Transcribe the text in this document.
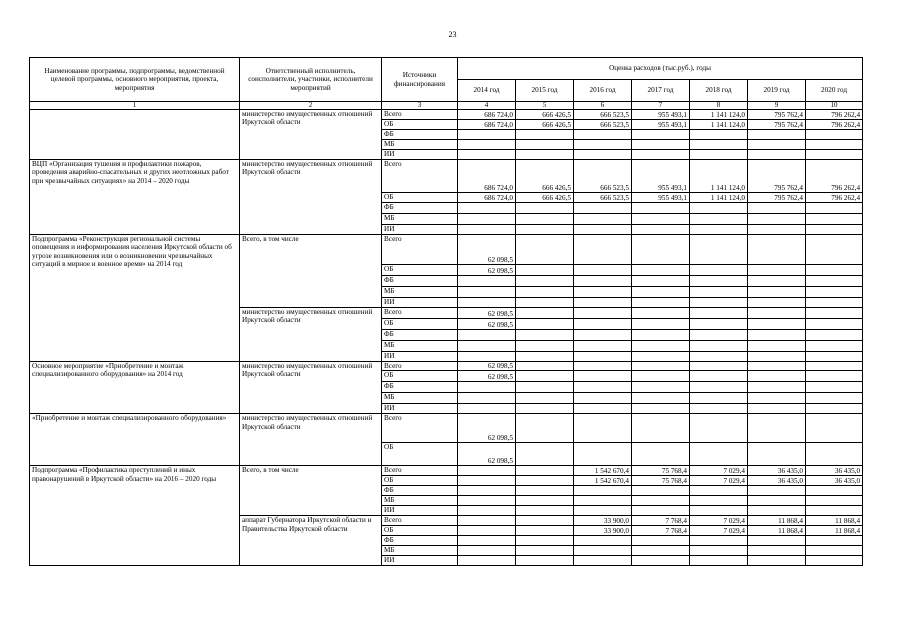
23
Наименование программы, подпрограммы, ведомственной целевой программы, основного мероприятия, проекта, мероприятия	Ответственный исполнитель, соисполнители, участники, исполнители мероприятий	Источники финансирования	Оценка расходов (тыс.руб.), годы						
			2014 год	2015 год	2016 год	2017 год	2018 год	2019 год	2020 год
1	2	3	4	5	6	7	8	9	10
	министерство имущественных отношений Иркутской области	Всего	686 724,0	666 426,5	666 523,5	955 493,1	1 141 124,0	795 762,4	796 262,4
		ОБ	686 724,0	666 426,5	666 523,5	955 493,1	1 141 124,0	795 762,4	796 262,4
		ФБ							
		МБ							
		ИИ							
ВЦП «Организация тушения и профилактики пожаров, проведения аварийно-спасательных и других неотложных работ при чрезвычайных ситуациях» на 2014 – 2020 годы	министерство имущественных отношений Иркутской области	Всего	686 724,0	666 426,5	666 523,5	955 493,1	1 141 124,0	795 762,4	796 262,4
		ОБ	686 724,0	666 426,5	666 523,5	955 493,1	1 141 124,0	795 762,4	796 262,4
		ФБ							
		МБ							
		ИИ							
Подпрограмма «Реконструкция региональной системы оповещения и информирования населения Иркутской области об угрозе возникновения или о возникновении чрезвычайных ситуаций в мирное и военное время» на 2014 год	Всего, в том числе	Всего	62 098,5						
		ОБ	62 098,5						
		ФБ							
		МБ							
		ИИ							
	министерство имущественных отношений Иркутской области	Всего	62 098,5						
		ОБ	62 098,5						
		ФБ							
		МБ							
		ИИ							
Основное мероприятие «Приобретение и монтаж специализированного оборудования» на 2014 год	министерство имущественных отношений Иркутской области	Всего	62 098,5						
		ОБ	62 098,5						
		ФБ							
		МБ							
		ИИ							
«Приобретение и монтаж специализированного оборудования»	министерство имущественных отношений Иркутской области	Всего	62 098,5						
		ОБ	62 098,5						
Подпрограмма «Профилактика преступлений и иных правонарушений в Иркутской области» на 2016 – 2020 годы	Всего, в том числе	Всего			1 542 670,4	75 768,4	7 029,4	36 435,0	36 435,0
		ОБ			1 542 670,4	75 768,4	7 029,4	36 435,0	36 435,0
		ФБ							
		МБ							
		ИИ							
	аппарат Губернатора Иркутской области и Правительства Иркутской области	Всего			33 900,0	7 768,4	7 029,4	11 868,4	11 868,4
		ОБ			33 900,0	7 768,4	7 029,4	11 868,4	11 868,4
		ФБ							
		МБ							
		ИИ							
